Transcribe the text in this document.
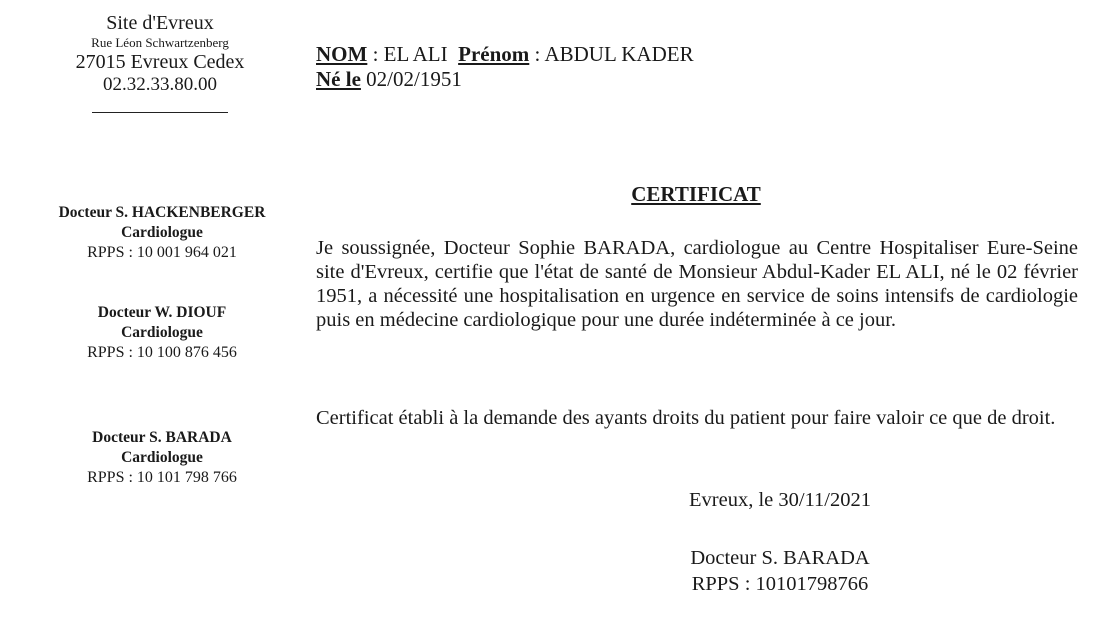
Site d'Evreux
Rue Léon Schwartzenberg
27015 Evreux Cedex
02.32.33.80.00
Docteur S. HACKENBERGER
Cardiologue
RPPS : 10 001 964 021
Docteur W. DIOUF
Cardiologue
RPPS : 10 100 876 456
Docteur S. BARADA
Cardiologue
RPPS : 10 101 798 766
NOM : EL ALI Prénom : ABDUL KADER
Né le 02/02/1951
CERTIFICAT
Je soussignée, Docteur Sophie BARADA, cardiologue au Centre Hospitaliser Eure-Seine site d'Evreux, certifie que l'état de santé de Monsieur Abdul-Kader EL ALI, né le 02 février 1951, a nécessité une hospitalisation en urgence en service de soins intensifs de cardiologie puis en médecine cardiologique pour une durée indéterminée à ce jour.
Certificat établi à la demande des ayants droits du patient pour faire valoir ce que de droit.
Evreux, le 30/11/2021
Docteur S. BARADA
RPPS : 10101798766
